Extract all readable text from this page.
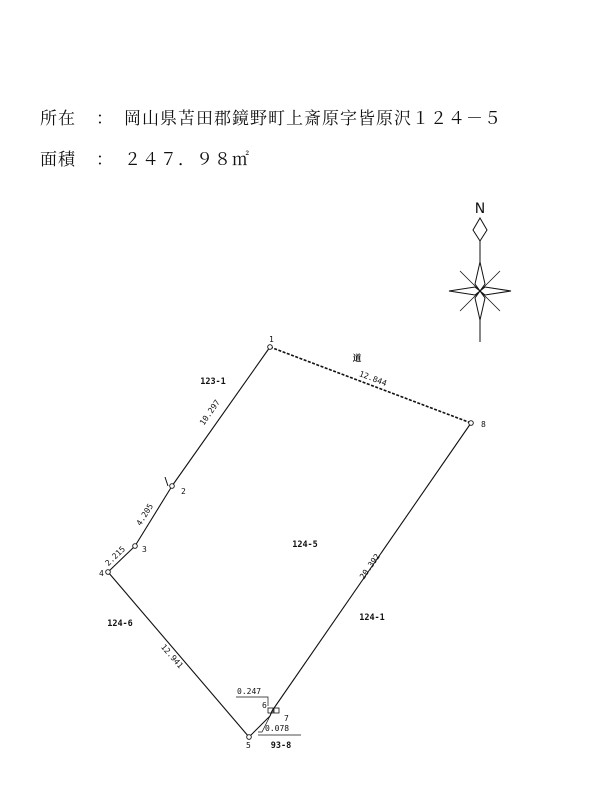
所在 ： 岡山県苫田郡鏡野町上斎原字皆原沢１２４－５
面積 ： ２４７．９８㎡
N
1
2
3
4
5
6
7
8
12.844
10.297
4.205
2.215
12.941
20.392
0.247
0.078
124-5
123-1
124-6
124-1
93-8
道
